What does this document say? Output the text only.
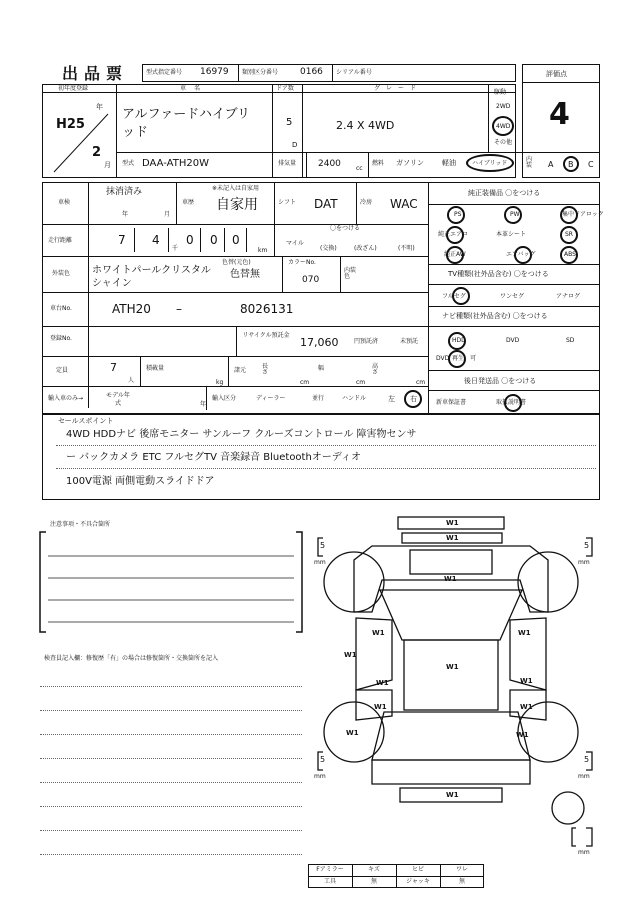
出品票	型式指定番号 16979 類別区分番号 0166 シリアル番号	評価点
4
内装 A B C
初年度登録
H25
年
2
月
車名
アルファードハイブリ
ッド
ドア数
5
D
グレード
2.4 X 4WD
駆動
2WD
4WD
その他
型式 DAA-ATH20W	排気量 2400	cc
燃料 ガソリン	軽油	ハイブリッド
車検
抹消済み
年	月
車歴
※未記入は自家用
自家用	シフト DAT	冷房 WAC
走行距離	7 4
千
0 0 0
km
〇をつける
マイル
(交換)	(改ざん)	(不明)
外装色 ホワイトパールクリスタルシャイン
色替(元色)
色替無
カラーNo.
070
内装色
車台No.	ATH20 –	8026131
登録No.	リサイクル預託金
17,060	円預託済	未預託
定員	7
人
積載量
kg
諸元
長さ
cm
幅
cm
高さ
cm
輸入車のみ→	モデル年式	年
輸入区分	ディーラー	並行	ハンドル	左 右
純正装備品 〇をつける
PS	PW	集中ドアロック
純正エアロ	本革シート	SR
純正AW	エアバッグ	ABS
TV種類(社外品含む) 〇をつける
フルセグ	ワンセグ	アナログ
ナビ種類(社外品含む) 〇をつける
HDD	DVD	SD
DVD 再生 可
後日発送品 〇をつける
新車保証書	取扱説明書
セールスポイント
4WD HDDナビ 後席モニター サンルーフ クルーズコントロール 障害物センサ
ー バックカメラ ETC フルセグTV 音楽録音 Bluetoothオーディオ
100V電源 両側電動スライドドア
注意事項・不具合箇所
検査員記入欄：修復歴「有」の場合は修復箇所・交換箇所を記入
W1
W1
W1
W1	W1
W1
W1
W1	W1
W1	W1
W1	W1
W1
5
mm
5
mm
5
mm
5
mm
mm
Fアミラー	キズ	ヒビ	ワレ
工具	無	ジャッキ	無
